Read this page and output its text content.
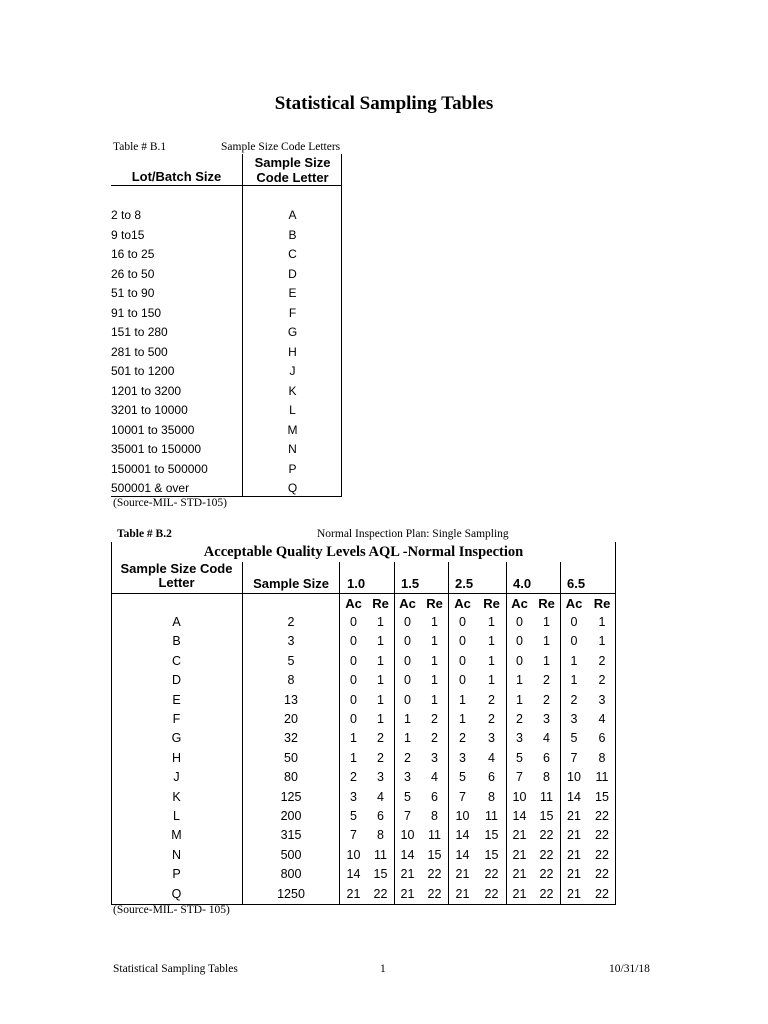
Statistical Sampling Tables
Table # B.1	Sample Size Code Letters
Lot/Batch Size
Sample Size Code Letter
2 to 8	A
9 to15	B
16 to 25	C
26 to 50	D
51 to 90	E
91 to 150	F
151 to 280	G
281 to 500	H
501 to 1200	J
1201 to 3200	K
3201 to 10000	L
10001 to 35000	M
35001 to 150000	N
150001 to 500000	P
500001 & over	Q
(Source-MIL- STD-105)
Table # B.2	Normal Inspection Plan: Single Sampling
Acceptable Quality Levels AQL -Normal Inspection
Sample Size Code Letter	Sample Size	1.0	1.5	2.5	4.0	6.5
Ac Re Ac Re Ac Re Ac Re Ac Re
A	2	0	1	0	1	0	1	0	1	0	1
B	3	0	1	0	1	0	1	0	1	0	1
C	5	0	1	0	1	0	1	0	1	1	2
D	8	0	1	0	1	0	1	1	2	1	2
E	13	0	1	0	1	1	2	1	2	2	3
F	20	0	1	1	2	1	2	2	3	3	4
G	32	1	2	1	2	2	3	3	4	5	6
H	50	1	2	2	3	3	4	5	6	7	8
J	80	2	3	3	4	5	6	7	8	10	11
K	125	3	4	5	6	7	8	10	11	14	15
L	200	5	6	7	8	10	11	14	15	21	22
M	315	7	8	10	11	14	15	21	22	21	22
N	500	10	11	14	15	14	15	21	22	21	22
P	800	14	15	21	22	21	22	21	22	21	22
Q	1250	21	22	21	22	21	22	21	22	21	22
(Source-MIL- STD- 105)
Statistical Sampling Tables	1	10/31/18
